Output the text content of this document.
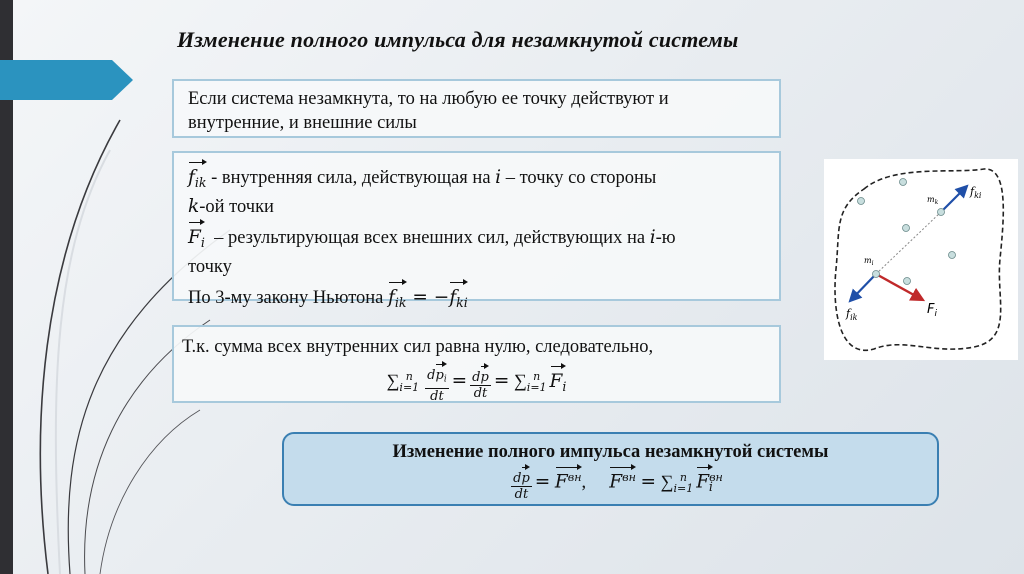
Изменение полного импульса для незамкнутой системы
Если система незамкнута, то на любую ее точку действуют и
внутренние, и внешние силы
$f_{ik}$ - внутренняя сила, действующая на i – точку со стороны
k -ой точки
$F_i$ – результирующая всех внешних сил, действующих на i -ю
точку
По 3-му закону Ньютона $f_{ik}$ = − $f_{ki}$
Т.к. сумма всех внутренних сил равна нулю, следовательно,
∑ n
$i=1 \frac{dp_i}{dt} = \frac{dp}{dt}$ = ∑ n
i=1 $F_i$
Изменение полного импульса незамкнутой системы
$\frac{dp}{dt} = F^{вн}$, $F^{вн}$ = ∑ n
i=1 $F^{вн}_i$
$m_k$
$m_i$
$f_{ki}$
$f_{ik}$
$F_i$
